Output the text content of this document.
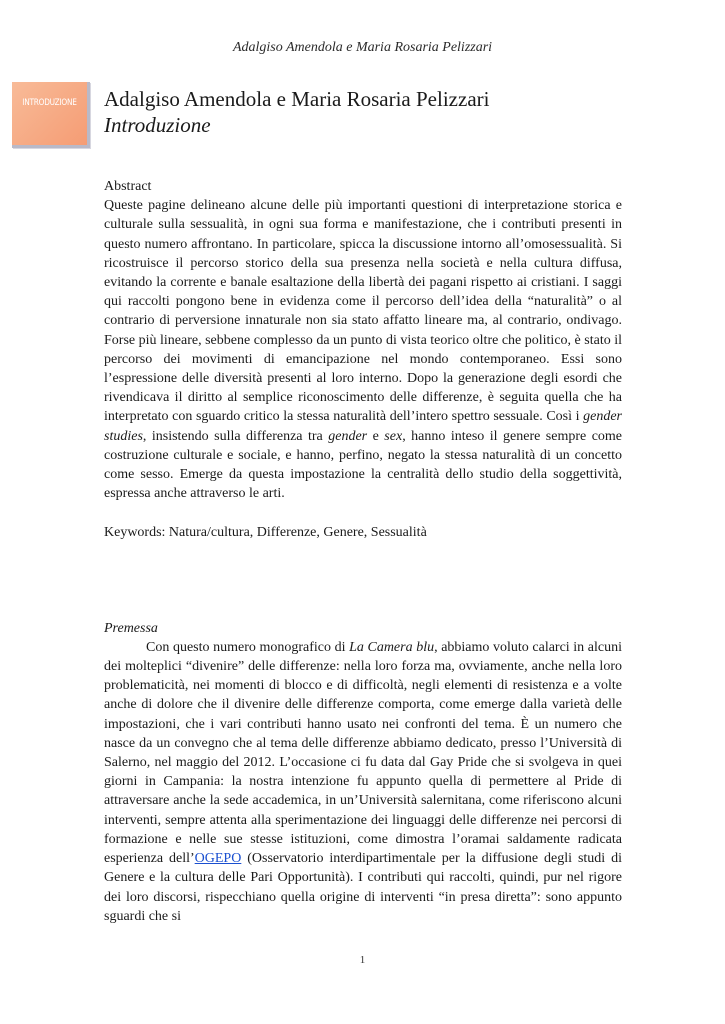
Adalgiso Amendola e Maria Rosaria Pelizzari
INTRODUZIONE Adalgiso Amendola e Maria Rosaria Pelizzari
Introduzione

Abstract

Queste pagine delineano alcune delle più importanti questioni di interpretazione storica e culturale sulla sessualità, in ogni sua forma e manifestazione, che i contributi presenti in questo numero affrontano. In particolare, spicca la discussione intorno all’omosessualità. Si ricostruisce il percorso storico della sua presenza nella società e nella cultura diffusa, evitando la corrente e banale esaltazione della libertà dei pagani rispetto ai cristiani. I saggi qui raccolti pongono bene in evidenza come il percorso dell’idea della “naturalità” o al contrario di perversione innaturale non sia stato affatto lineare ma, al contrario, ondivago. Forse più lineare, sebbene complesso da un punto di vista teorico oltre che politico, è stato il percorso dei movimenti di emancipazione nel mondo contemporaneo. Essi sono l’espressione delle diversità presenti al loro interno. Dopo la generazione degli esordi che rivendicava il diritto al semplice riconoscimento delle differenze, è seguita quella che ha interpretato con sguardo critico la stessa naturalità dell’intero spettro sessuale. Così i gender studies, insistendo sulla differenza tra gender e sex, hanno inteso il genere sempre come costruzione culturale e sociale, e hanno, perfino, negato la stessa naturalità di un concetto come sesso. Emerge da questa impostazione la centralità dello studio della soggettività, espressa anche attraverso le arti.

Keywords: Natura/cultura, Differenze, Genere, Sessualità

Premessa

Con questo numero monografico di La Camera blu, abbiamo voluto calarci in alcuni dei molteplici “divenire” delle differenze: nella loro forza ma, ovviamente, anche nella loro problematicità, nei momenti di blocco e di difficoltà, negli elementi di resistenza e a volte anche di dolore che il divenire delle differenze comporta, come emerge dalla varietà delle impostazioni, che i vari contributi hanno usato nei confronti del tema. È un numero che nasce da un convegno che al tema delle differenze abbiamo dedicato, presso l’Università di Salerno, nel maggio del 2012. L’occasione ci fu data dal Gay Pride che si svolgeva in quei giorni in Campania: la nostra intenzione fu appunto quella di permettere al Pride di attraversare anche la sede accademica, in un’Università salernitana, come riferiscono alcuni interventi, sempre attenta alla sperimentazione dei linguaggi delle differenze nei percorsi di formazione e nelle sue stesse istituzioni, come dimostra l’oramai saldamente radicata esperienza dell’OGEPO (Osservatorio interdipartimentale per la diffusione degli studi di Genere e la cultura delle Pari Opportunità). I contributi qui raccolti, quindi, pur nel rigore dei loro discorsi, rispecchiano quella origine di interventi “in presa diretta”: sono appunto sguardi che si

1
